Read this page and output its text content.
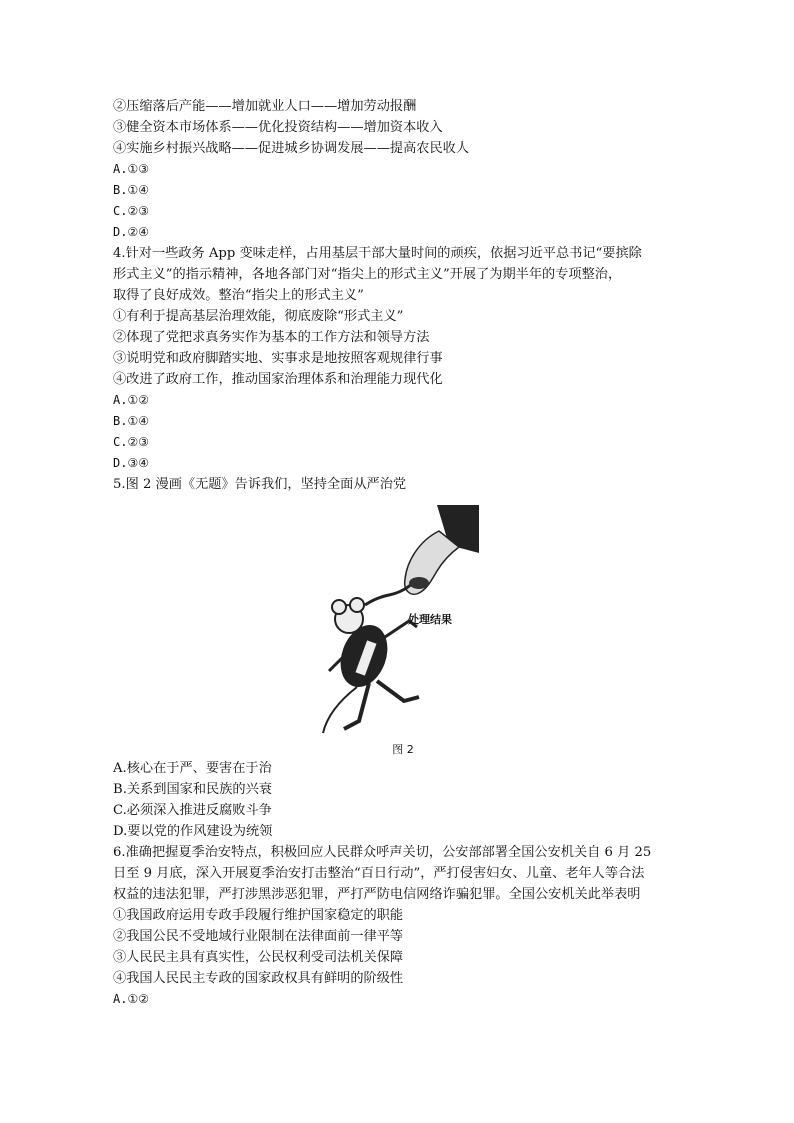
②压缩落后产能——增加就业人口——增加劳动报酬
③健全资本市场体系——优化投资结构——增加资本收入
④实施乡村振兴战略——促进城乡协调发展——提高农民收人
A.①③
B.①④
C.②③
D.②④
4.针对一些政务 App 变味走样，占用基层干部大量时间的顽疾，依据习近平总书记“要摈除
形式主义”的指示精神，各地各部门对“指尖上的形式主义”开展了为期半年的专项整治，
取得了良好成效。整治“指尖上的形式主义”
①有利于提高基层治理效能，彻底废除“形式主义”
②体现了党把求真务实作为基本的工作方法和领导方法
③说明党和政府脚踏实地、实事求是地按照客观规律行事
④改进了政府工作，推动国家治理体系和治理能力现代化
A.①②
B.①④
C.②③
D.③④
5.图 2 漫画《无题》告诉我们，坚持全面从严治党
处理结果
图 2
A.核心在于严、要害在于治
B.关系到国家和民族的兴衰
C.必须深入推进反腐败斗争
D.要以党的作风建设为统领
6.准确把握夏季治安特点，积极回应人民群众呼声关切，公安部部署全国公安机关自 6 月 25
日至 9 月底，深入开展夏季治安打击整治“百日行动”，严打侵害妇女、儿童、老年人等合法
权益的违法犯罪，严打涉黑涉恶犯罪，严打严防电信网络诈骗犯罪。全国公安机关此举表明
①我国政府运用专政手段履行维护国家稳定的职能
②我国公民不受地域行业限制在法律面前一律平等
③人民民主具有真实性，公民权利受司法机关保障
④我国人民民主专政的国家政权具有鲜明的阶级性
A.①②
